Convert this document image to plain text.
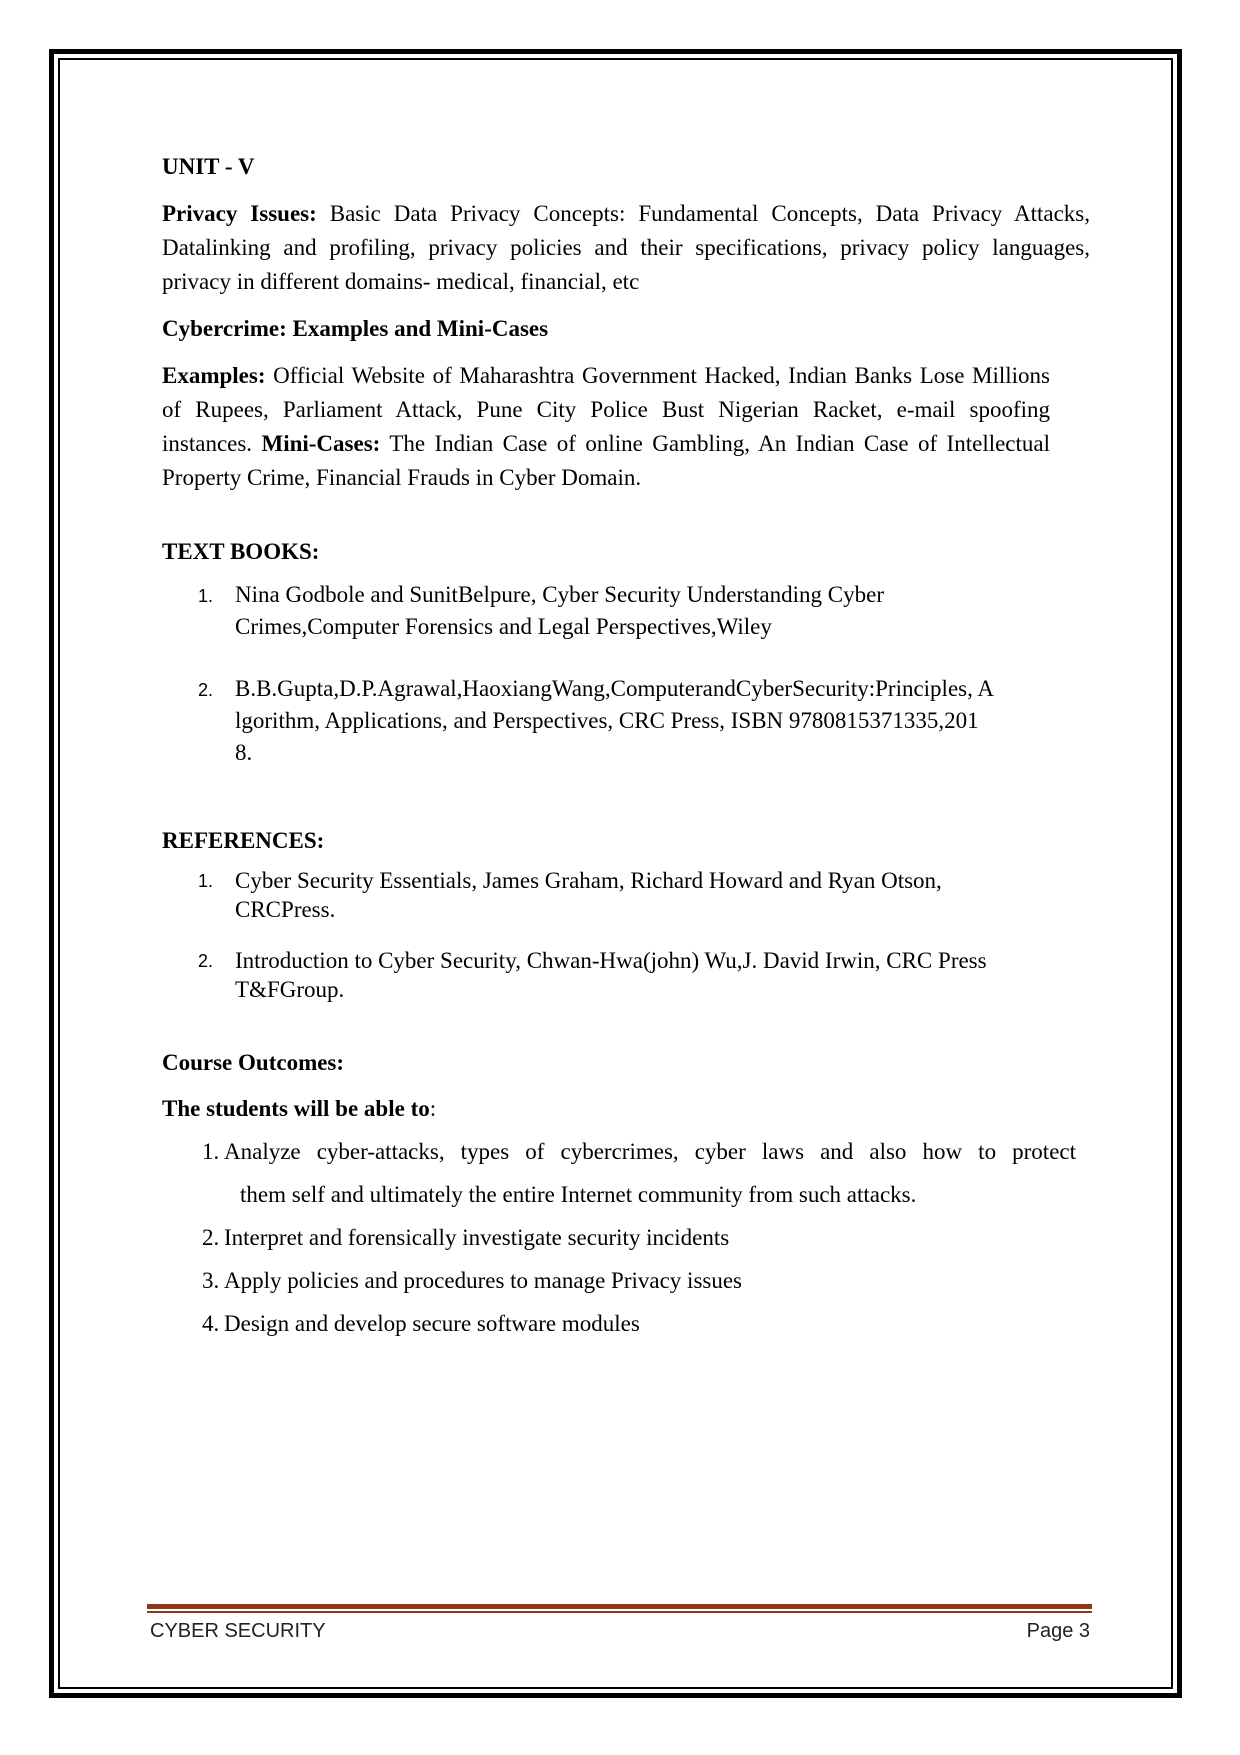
UNIT - V

Privacy Issues: Basic Data Privacy Concepts: Fundamental Concepts, Data Privacy Attacks, Datalinking and profiling, privacy policies and their specifications, privacy policy languages, privacy in different domains- medical, financial, etc

Cybercrime: Examples and Mini-Cases

Examples: Official Website of Maharashtra Government Hacked, Indian Banks Lose Millions of Rupees, Parliament Attack, Pune City Police Bust Nigerian Racket, e-mail spoofing instances. Mini-Cases: The Indian Case of online Gambling, An Indian Case of Intellectual Property Crime, Financial Frauds in Cyber Domain.

TEXT BOOKS:

1. Nina Godbole and SunitBelpure, Cyber Security Understanding Cyber Crimes,Computer Forensics and Legal Perspectives,Wiley
2. B.B.Gupta,D.P.Agrawal,HaoxiangWang,ComputerandCyberSecurity:Principles, Algorithm, Applications, and Perspectives, CRC Press, ISBN 9780815371335,2018.

REFERENCES:

1. Cyber Security Essentials, James Graham, Richard Howard and Ryan Otson, CRCPress.
2. Introduction to Cyber Security, Chwan-Hwa(john) Wu,J. David Irwin, CRC Press T&FGroup.

Course Outcomes:

The students will be able to:

1. Analyze cyber-attacks, types of cybercrimes, cyber laws and also how to protect
them self and ultimately the entire Internet community from such attacks.
2. Interpret and forensically investigate security incidents
3. Apply policies and procedures to manage Privacy issues
4. Design and develop secure software modules
CYBER SECURITY	Page 3
